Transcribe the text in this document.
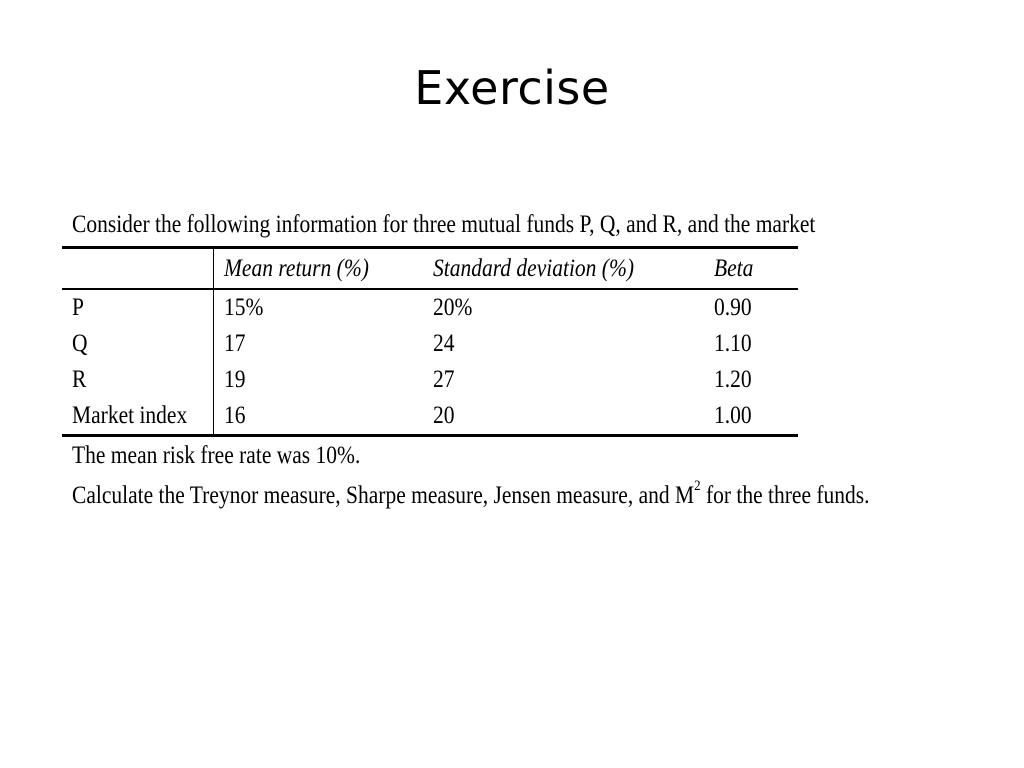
Exercise
Consider the following information for three mutual funds P, Q, and R, and the market
	Mean return (%)	Standard deviation (%)	Beta
P	15%	20%	0.90
Q	17	24	1.10
R	19	27	1.20
Market index	16	20	1.00
The mean risk free rate was 10%.
Calculate the Treynor measure, Sharpe measure, Jensen measure, and $M^2$ for the three funds.
